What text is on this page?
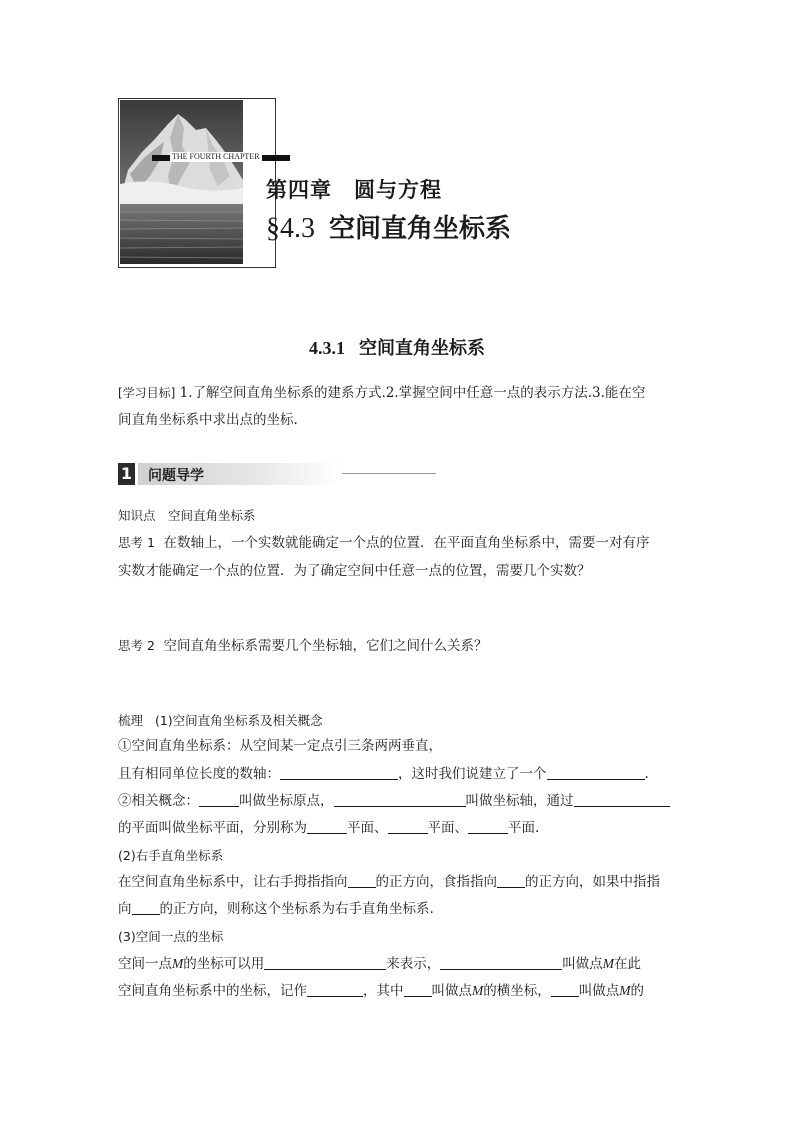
THE FOURTH CHAPTER
第四章　圆与方程
§4.3 空间直角坐标系
4.3.1 空间直角坐标系
[学习目标] 1.了解空间直角坐标系的建系方式.2.掌握空间中任意一点的表示方法.3.能在空
间直角坐标系中求出点的坐标.
1 问题导学
知识点　空间直角坐标系
思考 1 在数轴上，一个实数就能确定一个点的位置．在平面直角坐标系中，需要一对有序
实数才能确定一个点的位置．为了确定空间中任意一点的位置，需要几个实数？
思考 2 空间直角坐标系需要几个坐标轴，它们之间什么关系？
梳理 (1)空间直角坐标系及相关概念
①空间直角坐标系：从空间某一定点引三条两两垂直，
且有相同单位长度的数轴：	，这时我们说建立了一个	.
②相关概念：	叫做坐标原点，	叫做坐标轴，通过
的平面叫做坐标平面，分别称为	平面、	平面、	平面.
(2)右手直角坐标系
在空间直角坐标系中，让右手拇指指向 的正方向，食指指向 的正方向，如果中指指
向 的正方向，则称这个坐标系为右手直角坐标系.
(3)空间一点的坐标
空间一点M的坐标可以用	来表示，	叫做点M在此
空间直角坐标系中的坐标，记作	，其中 叫做点M的横坐标， 叫做点M的
